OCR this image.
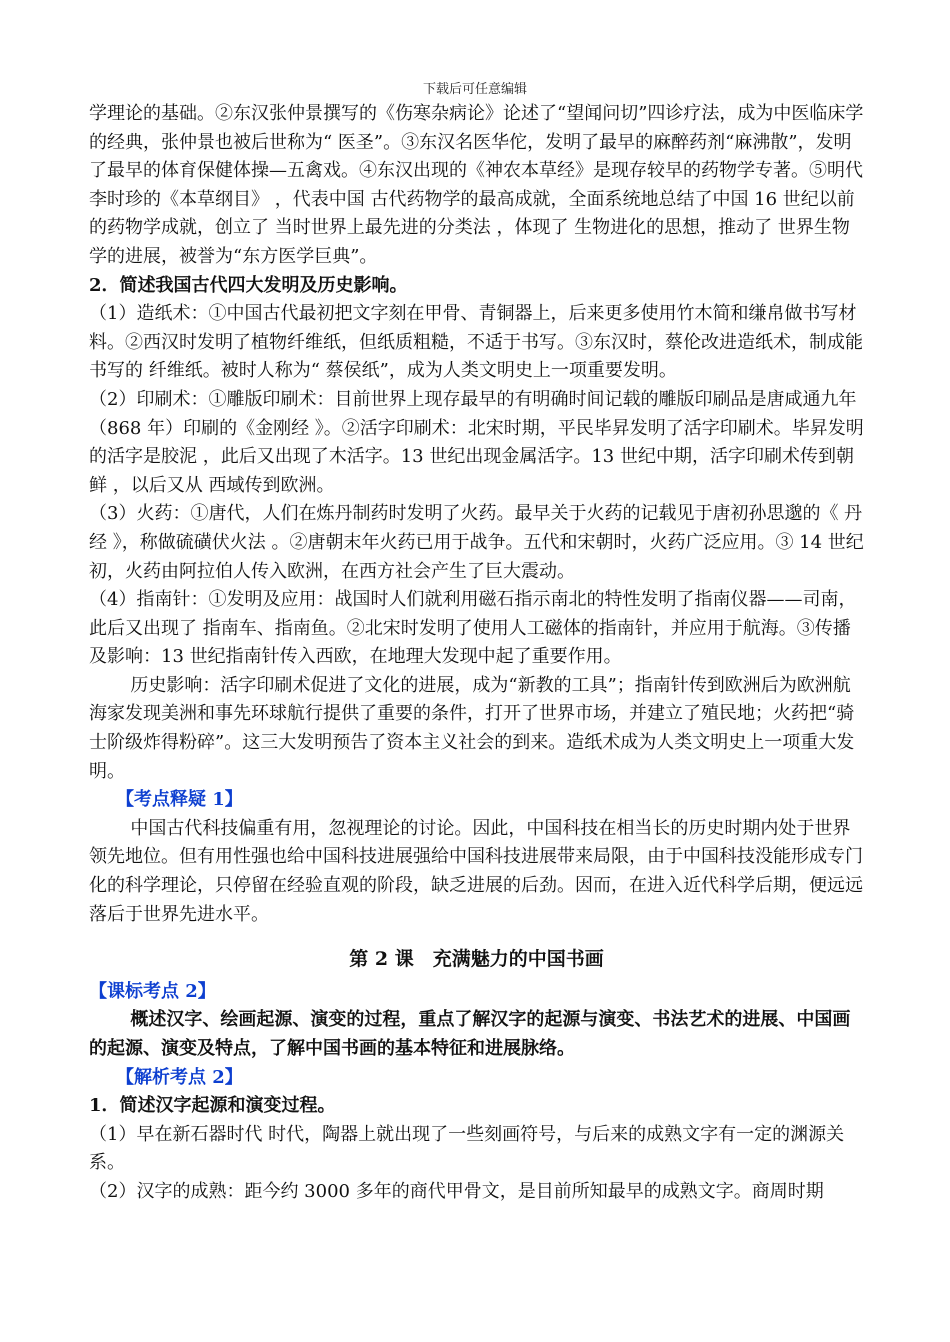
下载后可任意编辑

学理论的基础。②东汉张仲景撰写的《伤寒杂病论》论述了“望闻问切”四诊疗法，成为中医临床学的经典，张仲景也被后世称为“ 医圣”。③东汉名医华佗，发明了最早的麻醉药剂“麻沸散”，发明了最早的体育保健体操—五禽戏。④东汉出现的《神农本草经》是现存较早的药物学专著。⑤明代李时珍的《本草纲目》 ，代表中国 古代药物学的最高成就，全面系统地总结了中国 16 世纪以前的药物学成就，创立了 当时世界上最先进的分类法 ，体现了 生物进化的思想，推动了 世界生物学的进展，被誉为“东方医学巨典”。

2．简述我国古代四大发明及历史影响。

（1）造纸术：①中国古代最初把文字刻在甲骨、青铜器上，后来更多使用竹木简和缣帛做书写材料。②西汉时发明了植物纤维纸，但纸质粗糙，不适于书写。③东汉时，蔡伦改进造纸术，制成能书写的 纤维纸。被时人称为“ 蔡侯纸”，成为人类文明史上一项重要发明。

（2）印刷术：①雕版印刷术：目前世界上现存最早的有明确时间记载的雕版印刷品是唐咸通九年（868 年）印刷的《金刚经 》。②活字印刷术：北宋时期，平民毕昇发明了活字印刷术。毕昇发明的活字是胶泥 ，此后又出现了木活字。13 世纪出现金属活字。13 世纪中期，活字印刷术传到朝鲜 ，以后又从 西域传到欧洲。

（3）火药：①唐代，人们在炼丹制药时发明了火药。最早关于火药的记载见于唐初孙思邈的《 丹经 》，称做硫磺伏火法 。②唐朝末年火药已用于战争。五代和宋朝时，火药广泛应用。③ 14 世纪初，火药由阿拉伯人传入欧洲，在西方社会产生了巨大震动。

（4）指南针：①发明及应用：战国时人们就利用磁石指示南北的特性发明了指南仪器——司南，此后又出现了 指南车、指南鱼。②北宋时发明了使用人工磁体的指南针，并应用于航海。③传播及影响：13 世纪指南针传入西欧，在地理大发现中起了重要作用。

历史影响：活字印刷术促进了文化的进展，成为“新教的工具”；指南针传到欧洲后为欧洲航海家发现美洲和事先环球航行提供了重要的条件，打开了世界市场，并建立了殖民地；火药把“骑士阶级炸得粉碎”。这三大发明预告了资本主义社会的到来。造纸术成为人类文明史上一项重大发明。

【考点释疑 1】

中国古代科技偏重有用，忽视理论的讨论。因此，中国科技在相当长的历史时期内处于世界领先地位。但有用性强也给中国科技进展强给中国科技进展带来局限，由于中国科技没能形成专门化的科学理论，只停留在经验直观的阶段，缺乏进展的后劲。因而，在进入近代科学后期，便远远落后于世界先进水平。

第 2 课　充满魅力的中国书画

【课标考点 2】

概述汉字、绘画起源、演变的过程，重点了解汉字的起源与演变、书法艺术的进展、中国画的起源、演变及特点，了解中国书画的基本特征和进展脉络。

【解析考点 2】

1．简述汉字起源和演变过程。

（1）早在新石器时代 时代，陶器上就出现了一些刻画符号，与后来的成熟文字有一定的渊源关系。

（2）汉字的成熟：距今约 3000 多年的商代甲骨文，是目前所知最早的成熟文字。商周时期
